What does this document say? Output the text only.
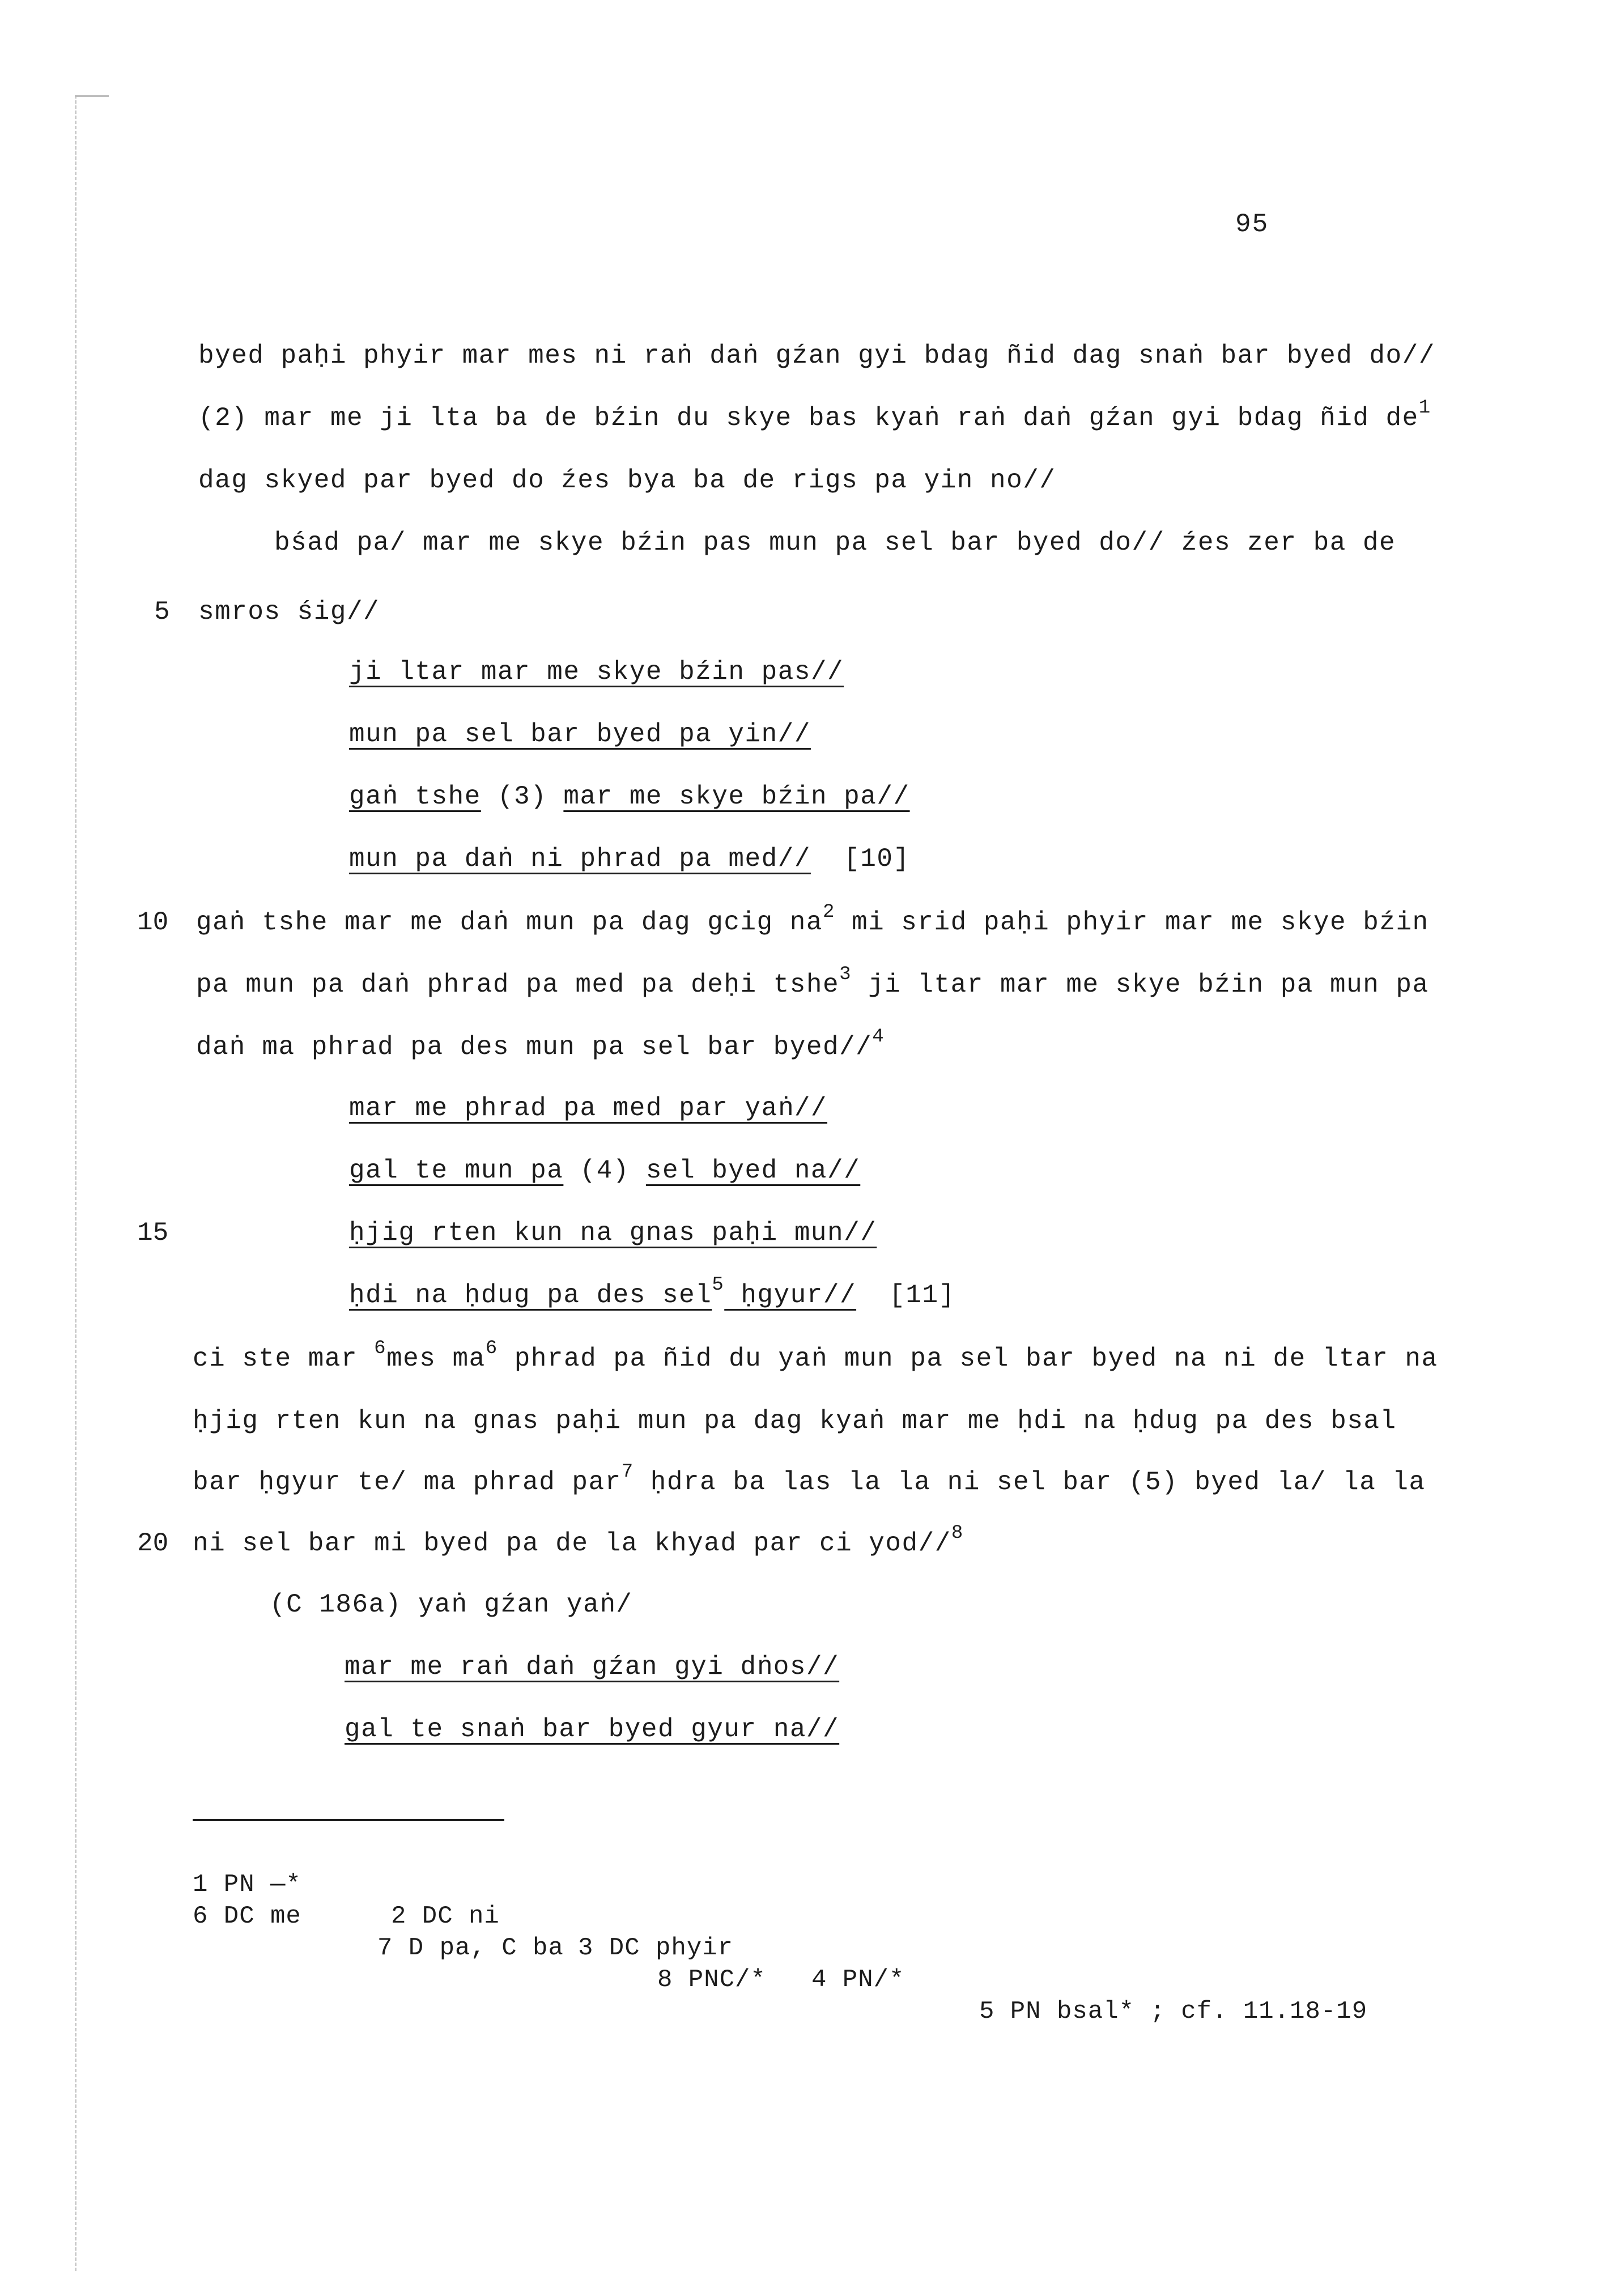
95
5
10
15
20
byed paḥi phyir mar mes ni raṅ daṅ gźan gyi bdag ñid dag snaṅ bar byed do//
(2) mar me ji lta ba de bźin du skye bas kyaṅ raṅ daṅ gźan gyi bdag ñid $de^1$
dag skyed par byed do źes bya ba de rigs pa yin no//
bśad pa/ mar me skye bźin pas mun pa sel bar byed do// źes zer ba de
smros śig//
ji ltar mar me skye bźin pas//
mun pa sel bar byed pa yin//
gaṅ tshe (3) mar me skye bźin pa//
mun pa daṅ ni phrad pa med//  [10]
gaṅ tshe mar me daṅ mun pa dag gcig $na^2$ mi srid paḥi phyir mar me skye bźin
pa mun pa daṅ phrad pa med pa deḥi tshe$^3$ ji ltar mar me skye bźin pa mun pa
daṅ ma phrad pa des mun pa sel bar byed//$^4$
mar me phrad pa med par yaṅ//
gal te mun pa (4) sel byed na//
ḥjig rten kun na gnas paḥi mun//
ḥdi na ḥdug pa des sel$^5$ ḥgyur//  [11]
ci ste mar $^6$mes $ma^6$ phrad pa ñid du yaṅ mun pa sel bar byed na ni de ltar na
ḥjig rten kun na gnas paḥi mun pa dag kyaṅ mar me ḥdi na ḥdug pa des bsal
bar ḥgyur te/ ma phrad par$^7$ ḥdra ba las la la ni sel bar (5) byed la/ la la
ni sel bar mi byed pa de la khyad par ci yod//$^8$
(C 186a) yaṅ gźan yaṅ/
mar me raṅ daṅ gźan gyi dṅos//
gal te snaṅ bar byed gyur na//

1 PN —*

2 DC ni

3 DC phyir

4 PN/*

5 PN bsal* ; cf. 11.18-19

6 DC me

7 D pa, C ba

8 PNC/*
